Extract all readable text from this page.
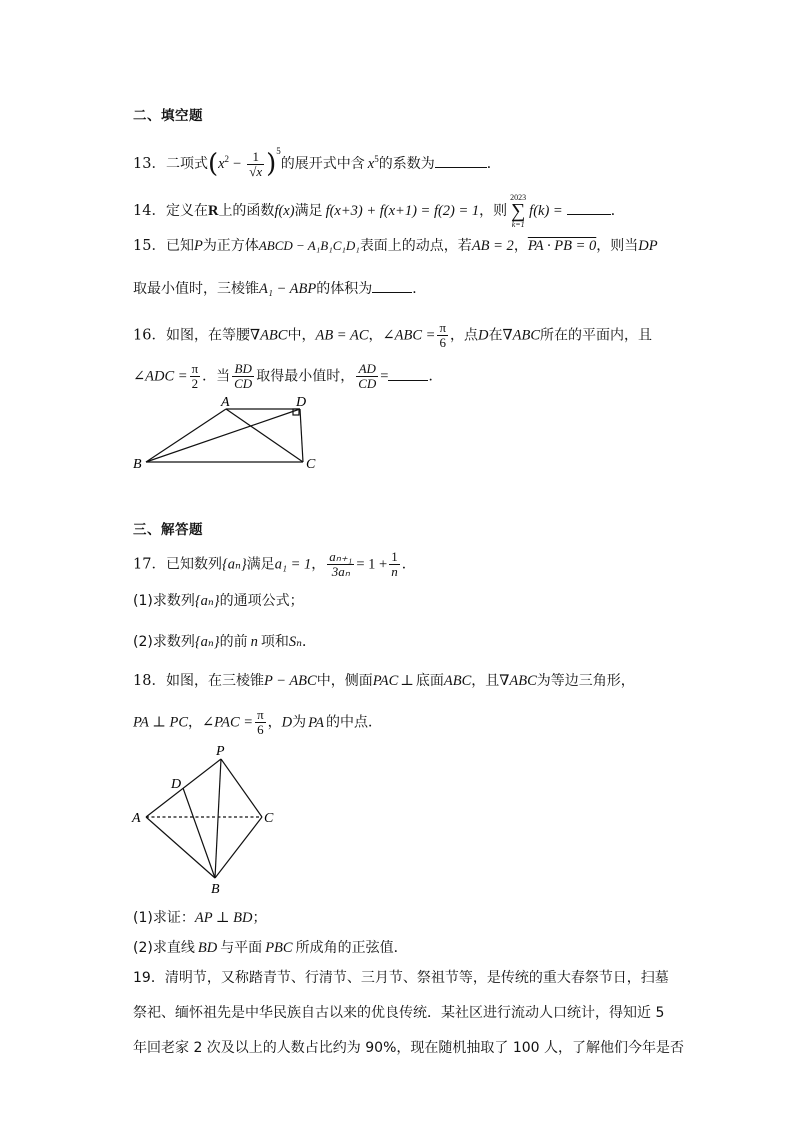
二、填空题
13．二项式$(x^2 - \frac{1}{√x} )^5$的展开式中含 $x^5$的系数为	．
14．定义在R上的函数f(x)满足 f(x+3) + f(x+1) = f(2) = 1，则2023
∑
k=1f(k) =	．
15．已知P为正方体ABCD − A₁B₁C₁D₁表面上的动点，若AB = 2，PA · PB = 0，则当DP
取最小值时，三棱锥A₁ − ABP的体积为	．
16．如图，在等腰∇ABC中，AB = AC，∠ABC = $\frac{\pi}{6}$ ，点D在∇ABC所在的平面内，且
∠ADC = $\frac{\pi}{2}$ ．当 $\frac{BD}{CD}$ 取得最小值时， $\frac{AD}{CD}$ =	．
A	D
B	C
三、解答题
17．已知数列{aₙ}满足a₁ = 1， $\frac{\text{aₙ₊₁}}{\text{3aₙ}} = 1 + \frac{1}{n}$ ．
(1)求数列{aₙ}的通项公式；
(2)求数列{aₙ}的前 n 项和Sₙ．
18．如图，在三棱锥P − ABC中，侧面PAC ⊥ 底面ABC，且∇ABC为等边三角形，
PA ⊥ PC，∠PAC = $\frac{\pi}{6}$ ，D为 PA 的中点．
P
D
A	C
B
(1)求证：AP ⊥ BD；
(2)求直线 BD 与平面 PBC 所成角的正弦值．
19．清明节，又称踏青节、行清节、三月节、祭祖节等，是传统的重大春祭节日，扫墓
祭祀、缅怀祖先是中华民族自古以来的优良传统．某社区进行流动人口统计，得知近 5
年回老家 2 次及以上的人数占比约为 90%，现在随机抽取了 100 人，了解他们今年是否
